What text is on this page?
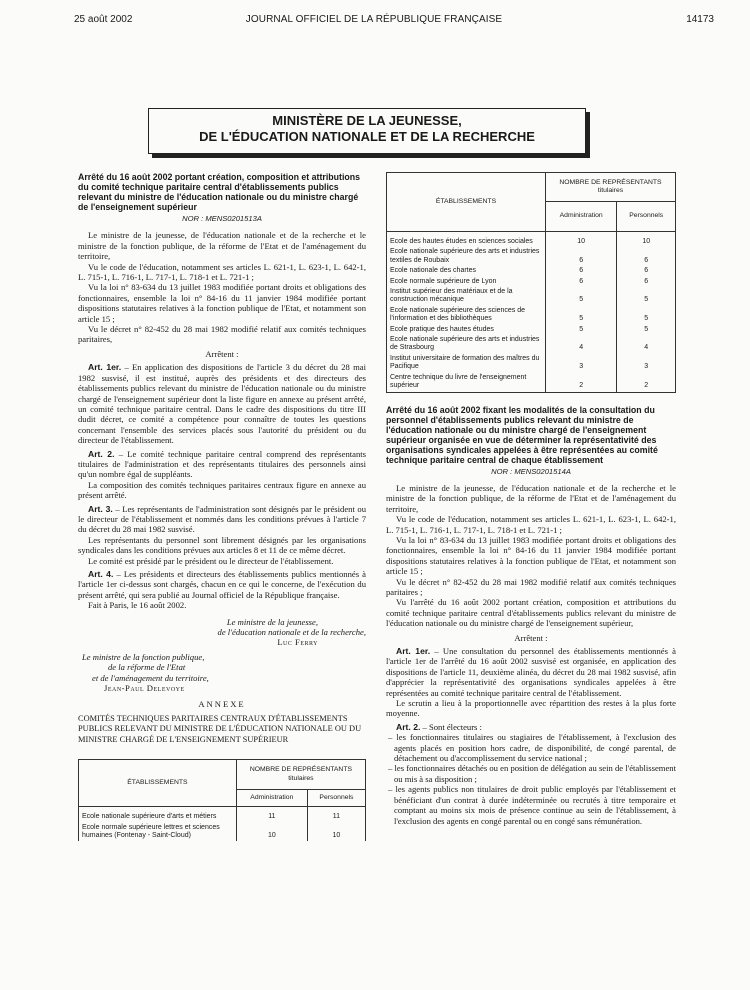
25 août 2002	JOURNAL OFFICIEL DE LA RÉPUBLIQUE FRANÇAISE	14173
MINISTÈRE DE LA JEUNESSE,
DE L'ÉDUCATION NATIONALE ET DE LA RECHERCHE
Arrêté du 16 août 2002 portant création, composition et attributions du comité technique paritaire central d'établissements publics relevant du ministre de l'éducation nationale ou du ministre chargé de l'enseignement supérieur
NOR : MENS0201513A

Le ministre de la jeunesse, de l'éducation nationale et de la recherche et le ministre de la fonction publique, de la réforme de l'Etat et de l'aménagement du territoire,

Vu le code de l'éducation, notamment ses articles L. 621-1, L. 623-1, L. 642-1, L. 715-1, L. 716-1, L. 717-1, L. 718-1 et L. 721-1 ;

Vu la loi n° 83-634 du 13 juillet 1983 modifiée portant droits et obligations des fonctionnaires, ensemble la loi n° 84-16 du 11 janvier 1984 modifiée portant dispositions statutaires relatives à la fonction publique de l'Etat, et notamment son article 15 ;

Vu le décret n° 82-452 du 28 mai 1982 modifié relatif aux comités techniques paritaires,

Arrêtent :

Art. 1er. – En application des dispositions de l'article 3 du décret du 28 mai 1982 susvisé, il est institué, auprès des présidents et des directeurs des établissements publics relevant du ministre de l'éducation nationale ou du ministre chargé de l'enseignement supérieur dont la liste figure en annexe au présent arrêté, un comité technique paritaire central. Dans le cadre des dispositions du titre III dudit décret, ce comité a compétence pour connaître de toutes les questions concernant l'ensemble des services placés sous l'autorité du président ou du directeur de l'établissement.

Art. 2. – Le comité technique paritaire central comprend des représentants titulaires de l'administration et des représentants titulaires des personnels ainsi qu'un nombre égal de suppléants.

La composition des comités techniques paritaires centraux figure en annexe au présent arrêté.

Art. 3. – Les représentants de l'administration sont désignés par le président ou le directeur de l'établissement et nommés dans les conditions prévues à l'article 7 du décret du 28 mai 1982 susvisé.

Les représentants du personnel sont librement désignés par les organisations syndicales dans les conditions prévues aux articles 8 et 11 de ce même décret.

Le comité est présidé par le président ou le directeur de l'établissement.

Art. 4. – Les présidents et directeurs des établissements publics mentionnés à l'article 1er ci-dessus sont chargés, chacun en ce qui le concerne, de l'exécution du présent arrêté, qui sera publié au Journal officiel de la République française.

Fait à Paris, le 16 août 2002.

Le ministre de la jeunesse,

de l'éducation nationale et de la recherche,

Luc Ferry

Le ministre de la fonction publique,

de la réforme de l'Etat

et de l'aménagement du territoire,

Jean-Paul Delevoye

ANNEXE

COMITÉS TECHNIQUES PARITAIRES CENTRAUX D'ÉTABLISSEMENTS PUBLICS RELEVANT DU MINISTRE DE L'ÉDUCATION NATIONALE OU DU MINISTRE CHARGÉ DE L'ENSEIGNEMENT SUPÉRIEUR

ÉTABLISSEMENTS	NOMBRE DE REPRÉSENTANTS
titulaires	
	Administration	Personnels
Ecole nationale supérieure d'arts et métiers	11	11
Ecole normale supérieure lettres et sciences humaines (Fontenay - Saint-Cloud)	10	10
ÉTABLISSEMENTS	NOMBRE DE REPRÉSENTANTS
titulaires	
	Administration	Personnels
Ecole des hautes études en sciences sociales	10	10
Ecole nationale supérieure des arts et industries textiles de Roubaix	6	6
Ecole nationale des chartes	6	6
Ecole normale supérieure de Lyon	6	6
Institut supérieur des matériaux et de la construction mécanique	5	5
Ecole nationale supérieure des sciences de l'information et des bibliothèques	5	5
Ecole pratique des hautes études	5	5
Ecole nationale supérieure des arts et industries de Strasbourg	4	4
Institut universitaire de formation des maîtres du Pacifique	3	3
Centre technique du livre de l'enseignement supérieur	2	2
Arrêté du 16 août 2002 fixant les modalités de la consultation du personnel d'établissements publics relevant du ministre de l'éducation nationale ou du ministre chargé de l'enseignement supérieur organisée en vue de déterminer la représentativité des organisations syndicales appelées à être représentées au comité technique paritaire central de chaque établissement
NOR : MENS0201514A

Le ministre de la jeunesse, de l'éducation nationale et de la recherche et le ministre de la fonction publique, de la réforme de l'Etat et de l'aménagement du territoire,

Vu le code de l'éducation, notamment ses articles L. 621-1, L. 623-1, L. 642-1, L. 715-1, L. 716-1, L. 717-1, L. 718-1 et L. 721-1 ;

Vu la loi n° 83-634 du 13 juillet 1983 modifiée portant droits et obligations des fonctionnaires, ensemble la loi n° 84-16 du 11 janvier 1984 modifiée portant dispositions statutaires relatives à la fonction publique de l'Etat, et notamment son article 15 ;

Vu le décret n° 82-452 du 28 mai 1982 modifié relatif aux comités techniques paritaires ;

Vu l'arrêté du 16 août 2002 portant création, composition et attributions du comité technique paritaire central d'établissements publics relevant du ministre de l'éducation nationale ou du ministre chargé de l'enseignement supérieur,

Arrêtent :

Art. 1er. – Une consultation du personnel des établissements mentionnés à l'article 1er de l'arrêté du 16 août 2002 susvisé est organisée, en application des dispositions de l'article 11, deuxième alinéa, du décret du 28 mai 1982 susvisé, afin d'apprécier la représentativité des organisations syndicales appelées à être représentées au comité technique paritaire central de l'établissement.

Le scrutin a lieu à la proportionnelle avec répartition des restes à la plus forte moyenne.

Art. 2. – Sont électeurs :

– les fonctionnaires titulaires ou stagiaires de l'établissement, à l'exclusion des agents placés en position hors cadre, de disponibilité, de congé parental, de détachement ou d'accomplissement du service national ;
– les fonctionnaires détachés ou en position de délégation au sein de l'établissement ou mis à sa disposition ;
– les agents publics non titulaires de droit public employés par l'établissement et bénéficiant d'un contrat à durée indéterminée ou recrutés à titre temporaire et comptant au moins six mois de présence continue au sein de l'établissement, à l'exclusion des agents en congé parental ou en congé sans rémunération.
